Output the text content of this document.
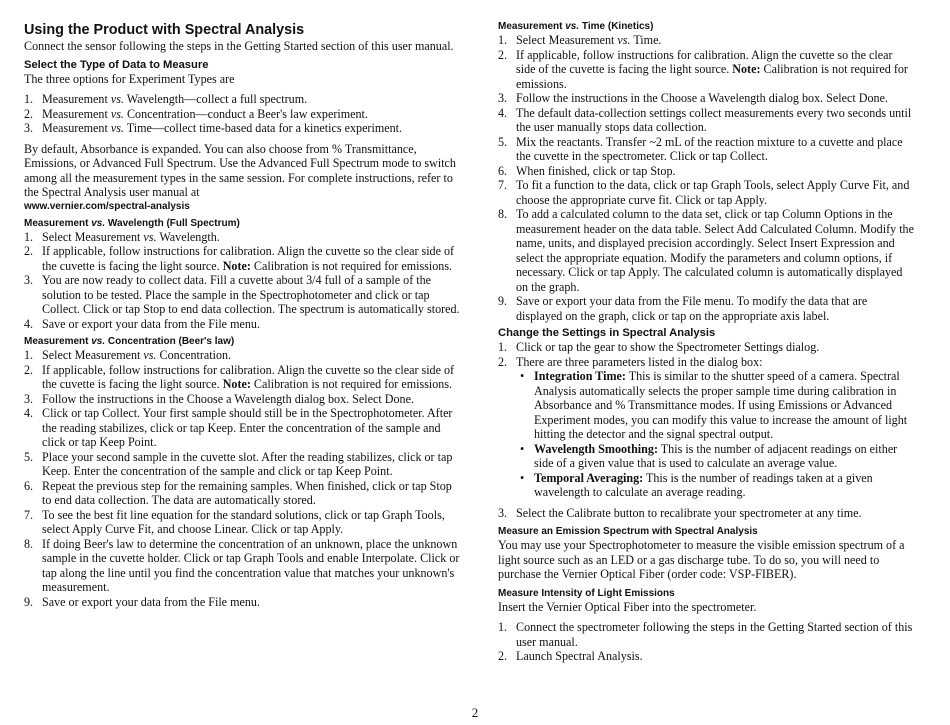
Using the Product with Spectral Analysis

Connect the sensor following the steps in the Getting Started section of this user manual.

Select the Type of Data to Measure

The three options for Experiment Types are

1. Measurement vs. Wavelength—collect a full spectrum.
2. Measurement vs. Concentration—conduct a Beer's law experiment.
3. Measurement vs. Time—collect time-based data for a kinetics experiment.

By default, Absorbance is expanded. You can also choose from % Transmittance, Emissions, or Advanced Full Spectrum. Use the Advanced Full Spectrum mode to switch among all the measurement types in the same session. For complete instructions, refer to the Spectral Analysis user manual at

www.vernier.com/spectral-analysis
Measurement vs. Wavelength (Full Spectrum)
1. Select Measurement vs. Wavelength.
2. If applicable, follow instructions for calibration. Align the cuvette so the clear side of the cuvette is facing the light source. Note: Calibration is not required for emissions.
3. You are now ready to collect data. Fill a cuvette about 3/4 full of a sample of the solution to be tested. Place the sample in the Spectrophotometer and click or tap Collect. Click or tap Stop to end data collection. The spectrum is automatically stored.
4. Save or export your data from the File menu.
Measurement vs. Concentration (Beer's law)
1. Select Measurement vs. Concentration.
2. If applicable, follow instructions for calibration. Align the cuvette so the clear side of the cuvette is facing the light source. Note: Calibration is not required for emissions.
3. Follow the instructions in the Choose a Wavelength dialog box. Select Done.
4. Click or tap Collect. Your first sample should still be in the Spectrophotometer. After the reading stabilizes, click or tap Keep. Enter the concentration of the sample and click or tap Keep Point.
5. Place your second sample in the cuvette slot. After the reading stabilizes, click or tap Keep. Enter the concentration of the sample and click or tap Keep Point.
6. Repeat the previous step for the remaining samples. When finished, click or tap Stop to end data collection. The data are automatically stored.
7. To see the best fit line equation for the standard solutions, click or tap Graph Tools, select Apply Curve Fit, and choose Linear. Click or tap Apply.
8. If doing Beer's law to determine the concentration of an unknown, place the unknown sample in the cuvette holder. Click or tap Graph Tools and enable Interpolate. Click or tap along the line until you find the concentration value that matches your unknown's measurement.
9. Save or export your data from the File menu.
Measurement vs. Time (Kinetics)
1. Select Measurement vs. Time.
2. If applicable, follow instructions for calibration. Align the cuvette so the clear side of the cuvette is facing the light source. Note: Calibration is not required for emissions.
3. Follow the instructions in the Choose a Wavelength dialog box. Select Done.
4. The default data-collection settings collect measurements every two seconds until the user manually stops data collection.
5. Mix the reactants. Transfer ~2 mL of the reaction mixture to a cuvette and place the cuvette in the spectrometer. Click or tap Collect.
6. When finished, click or tap Stop.
7. To fit a function to the data, click or tap Graph Tools, select Apply Curve Fit, and choose the appropriate curve fit. Click or tap Apply.
8. To add a calculated column to the data set, click or tap Column Options in the measurement header on the data table. Select Add Calculated Column. Modify the name, units, and displayed precision accordingly. Select Insert Expression and select the appropriate equation. Modify the parameters and column options, if necessary. Click or tap Apply. The calculated column is automatically displayed on the graph.
9. Save or export your data from the File menu. To modify the data that are displayed on the graph, click or tap on the appropriate axis label.
Change the Settings in Spectral Analysis
1. Click or tap the gear to show the Spectrometer Settings dialog.
2. There are three parameters listed in the dialog box:
• Integration Time: This is similar to the shutter speed of a camera. Spectral Analysis automatically selects the proper sample time during calibration in Absorbance and % Transmittance modes. If using Emissions or Advanced Experiment modes, you can modify this value to increase the amount of light hitting the detector and the signal spectral output.
• Wavelength Smoothing: This is the number of adjacent readings on either side of a given value that is used to calculate an average value.
• Temporal Averaging: This is the number of readings taken at a given wavelength to calculate an average reading.
3. Select the Calibrate button to recalibrate your spectrometer at any time.
Measure an Emission Spectrum with Spectral Analysis

You may use your Spectrophotometer to measure the visible emission spectrum of a light source such as an LED or a gas discharge tube. To do so, you will need to purchase the Vernier Optical Fiber (order code: VSP-FIBER).

Measure Intensity of Light Emissions

Insert the Vernier Optical Fiber into the spectrometer.

1. Connect the spectrometer following the steps in the Getting Started section of this user manual.
2. Launch Spectral Analysis.
2
